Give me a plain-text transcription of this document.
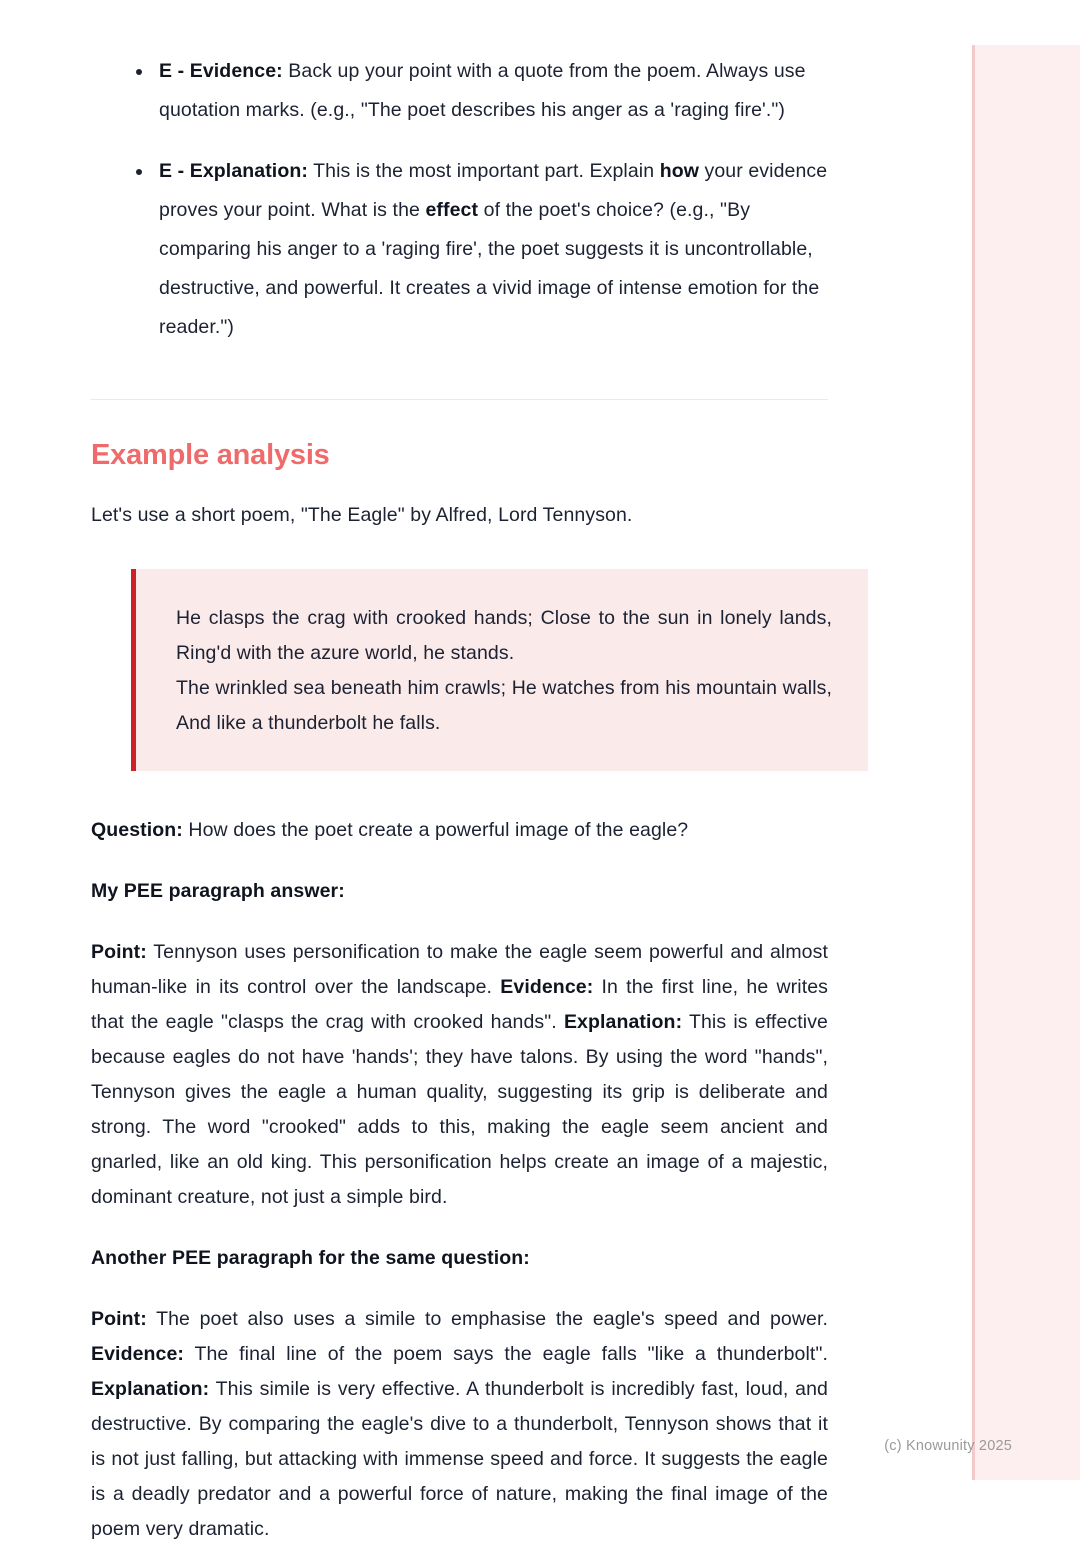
E - Evidence: Back up your point with a quote from the poem. Always use quotation marks. (e.g., "The poet describes his anger as a 'raging fire'.")
E - Explanation: This is the most important part. Explain how your evidence proves your point. What is the effect of the poet's choice? (e.g., "By comparing his anger to a 'raging fire', the poet suggests it is uncontrollable, destructive, and powerful. It creates a vivid image of intense emotion for the reader.")
Example analysis

Let's use a short poem, "The Eagle" by Alfred, Lord Tennyson.

He clasps the crag with crooked hands; Close to the sun in lonely lands, Ring'd with the azure world, he stands.

The wrinkled sea beneath him crawls; He watches from his mountain walls, And like a thunderbolt he falls.

Question: How does the poet create a powerful image of the eagle?

My PEE paragraph answer:

Point: Tennyson uses personification to make the eagle seem powerful and almost human-like in its control over the landscape. Evidence: In the first line, he writes that the eagle "clasps the crag with crooked hands". Explanation: This is effective because eagles do not have 'hands'; they have talons. By using the word "hands", Tennyson gives the eagle a human quality, suggesting its grip is deliberate and strong. The word "crooked" adds to this, making the eagle seem ancient and gnarled, like an old king. This personification helps create an image of a majestic, dominant creature, not just a simple bird.

Another PEE paragraph for the same question:

Point: The poet also uses a simile to emphasise the eagle's speed and power. Evidence: The final line of the poem says the eagle falls "like a thunderbolt". Explanation: This simile is very effective. A thunderbolt is incredibly fast, loud, and destructive. By comparing the eagle's dive to a thunderbolt, Tennyson shows that it is not just falling, but attacking with immense speed and force. It suggests the eagle is a deadly predator and a powerful force of nature, making the final image of the poem very dramatic.

(c) Knowunity 2025
